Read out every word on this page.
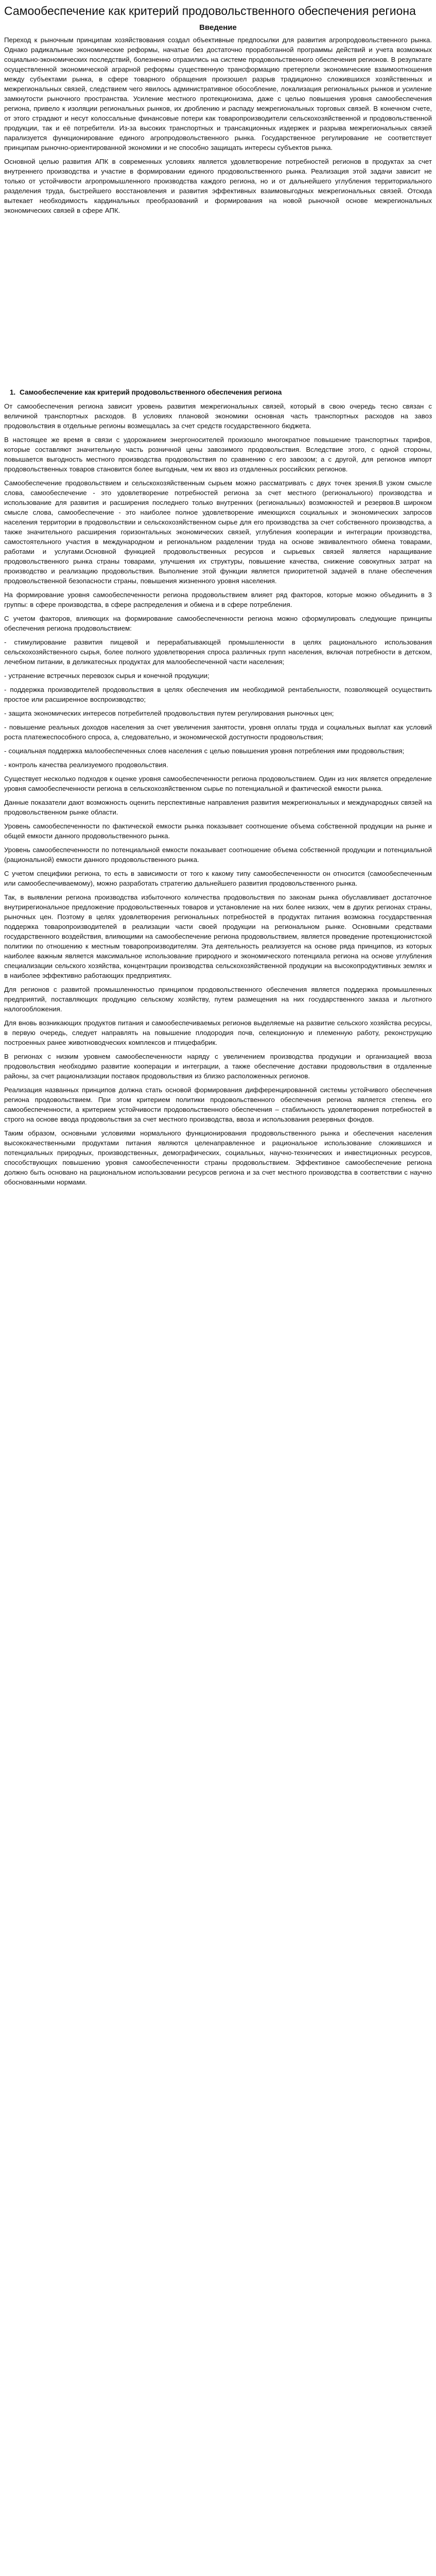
Самообеспечение как критерий продовольственного обеспечения региона
Введение

Переход к рыночным принципам хозяйствования создал объективные предпосылки для развития агропродовольственного рынка. Однако радикальные экономические реформы, начатые без достаточно проработанной программы действий и учета возможных социально-экономических последствий, болезненно отразились на системе продовольственного обеспечения регионов. В результате осуществленной экономической аграрной реформы существенную трансформацию претерпели экономические взаимоотношения между субъектами рынка, в сфере товарного обращения произошел разрыв традиционно сложившихся хозяйственных и межрегиональных связей, следствием чего явилось административное обособление, локализация региональных рынков и усиление замкнутости рыночного пространства. Усиление местного протекционизма, даже с целью повышения уровня самообеспечения региона, привело к изоляции региональных рынков, их дроблению и распаду межрегиональных торговых связей. В конечном счете, от этого страдают и несут колоссальные финансовые потери как товаропроизводители сельскохозяйственной и продовольственной продукции, так и её потребители. Из-за высоких транспортных и трансакционных издержек и разрыва межрегиональных связей парализуется функционирование единого агропродовольственного рынка. Государственное регулирование не соответствует принципам рыночно-ориентированной экономики и не способно защищать интересы субъектов рынка.

Основной целью развития АПК в современных условиях является удовлетворение потребностей регионов в продуктах за счет внутреннего производства и участие в формировании единого продовольственного рынка. Реализация этой задачи зависит не только от устойчивости агропромышленного производства каждого региона, но и от дальнейшего углубления территориального разделения труда, быстрейшего восстановления и развития эффективных взаимовыгодных межрегиональных связей. Отсюда вытекает необходимость кардинальных преобразований и формирования на новой рыночной основе межрегиональных экономических связей в сфере АПК.

1. Самообеспечение как критерий продовольственного обеспечения региона

От самообеспечения региона зависит уровень развития межрегиональных связей, который в свою очередь тесно связан с величиной транспортных расходов. В условиях плановой экономики основная часть транспортных расходов на завоз продовольствия в отдельные регионы возмещалась за счет средств государственного бюджета.

В настоящее же время в связи с удорожанием энергоносителей произошло многократное повышение транспортных тарифов, которые составляют значительную часть розничной цены завозимого продовольствия. Вследствие этого, с одной стороны, повышается выгодность местного производства продовольствия по сравнению с его завозом; а с другой, для регионов импорт продовольственных товаров становится более выгодным, чем их ввоз из отдаленных российских регионов.

Самообеспечение продовольствием и сельскохозяйственным сырьем можно рассматривать с двух точек зрения.В узком смысле слова, самообеспечение - это удовлетворение потребностей региона за счет местного (регионального) производства и использование для развития и расширения последнего только внутренних (региональных) возможностей и резервов.В широком смысле слова, самообеспечение - это наиболее полное удовлетворение имеющихся социальных и экономических запросов населения территории в продовольствии и сельскохозяйственном сырье для его производства за счет собственного производства, а также значительного расширения горизонтальных экономических связей, углубления кооперации и интеграции производства, самостоятельного участия в международном и региональном разделении труда на основе эквивалентного обмена товарами, работами и услугами.Основной функцией продовольственных ресурсов и сырьевых связей является наращивание продовольственного рынка страны товарами, улучшения их структуры, повышение качества, снижение совокупных затрат на производство и реализацию продовольствия. Выполнение этой функции является приоритетной задачей в плане обеспечения продовольственной безопасности страны, повышения жизненного уровня населения.

На формирование уровня самообеспеченности региона продовольствием влияет ряд факторов, которые можно объединить в 3 группы: в сфере производства, в сфере распределения и обмена и в сфере потребления.

С учетом факторов, влияющих на формирование самообеспеченности региона можно сформулировать следующие принципы обеспечения региона продовольствием:

- стимулирование развития пищевой и перерабатывающей промышленности в целях рационального использования сельскохозяйственного сырья, более полного удовлетворения спроса различных групп населения, включая потребности в детском, лечебном питании, в деликатесных продуктах для малообеспеченной части населения;

- устранение встречных перевозок сырья и конечной продукции;

- поддержка производителей продовольствия в целях обеспечения им необходимой рентабельности, позволяющей осуществить простое или расширенное воспроизводство;

- защита экономических интересов потребителей продовольствия путем регулирования рыночных цен;

- повышение реальных доходов населения за счет увеличения занятости, уровня оплаты труда и социальных выплат как условий роста платежеспособного спроса, а, следовательно, и экономической доступности продовольствия;

- социальная поддержка малообеспеченных слоев населения с целью повышения уровня потребления ими продовольствия;

- контроль качества реализуемого продовольствия.

Существует несколько подходов к оценке уровня самообеспеченности региона продовольствием. Один из них является определение уровня самообеспеченности региона в сельскохозяйственном сырье по потенциальной и фактической емкости рынка.

Данные показатели дают возможность оценить перспективные направления развития межрегиональных и международных связей на продовольственном рынке области.

Уровень самообеспеченности по фактической емкости рынка показывает соотношение объема собственной продукции на рынке и общей емкости данного продовольственного рынка.

Уровень самообеспеченности по потенциальной емкости показывает соотношение объема собственной продукции и потенциальной (рациональной) емкости данного продовольственного рынка.

С учетом специфики региона, то есть в зависимости от того к какому типу самообеспеченности он относится (самообеспеченным или самообеспечиваемому), можно разработать стратегию дальнейшего развития продовольственного рынка.

Так, в выявлении региона производства избыточного количества продовольствия по законам рынка обуславливает достаточное внутрирегиональное предложение продовольственных товаров и установление на них более низких, чем в других регионах страны, рыночных цен. Поэтому в целях удовлетворения региональных потребностей в продуктах питания возможна государственная поддержка товаропроизводителей в реализации части своей продукции на региональном рынке. Основными средствами государственного воздействия, влияющими на самообеспечение региона продовольствием, является проведение протекционистской политики по отношению к местным товаропроизводителям. Эта деятельность реализуется на основе ряда принципов, из которых наиболее важным является максимальное использование природного и экономического потенциала региона на основе углубления специализации сельского хозяйства, концентрации производства сельскохозяйственной продукции на высокопродуктивных землях и в наиболее эффективно работающих предприятиях.

Для регионов с развитой промышленностью принципом продовольственного обеспечения является поддержка промышленных предприятий, поставляющих продукцию сельскому хозяйству, путем размещения на них государственного заказа и льготного налогообложения.

Для вновь возникающих продуктов питания и самообеспечиваемых регионов выделяемые на развитие сельского хозяйства ресурсы, в первую очередь, следует направлять на повышение плодородия почв, селекционную и племенную работу, реконструкцию построенных ранее животноводческих комплексов и птицефабрик.

В регионах с низким уровнем самообеспеченности наряду с увеличением производства продукции и организацией ввоза продовольствия необходимо развитие кооперации и интеграции, а также обеспечение доставки продовольствия в отдаленные районы, за счет рационализации поставок продовольствия из близко расположенных регионов.

Реализация названных принципов должна стать основой формирования дифференцированной системы устойчивого обеспечения региона продовольствием. При этом критерием политики продовольственного обеспечения региона является степень его самообеспеченности, а критерием устойчивости продовольственного обеспечения – стабильность удовлетворения потребностей в строго на основе ввода продовольствия за счет местного производства, ввоза и использования резервных фондов.

Таким образом, основными условиями нормального функционирования продовольственного рынка и обеспечения населения высококачественными продуктами питания являются целенаправленное и рациональное использование сложившихся и потенциальных природных, производственных, демографических, социальных, научно-технических и инвестиционных ресурсов, способствующих повышению уровня самообеспеченности страны продовольствием. Эффективное самообеспечение региона должно быть основано на рациональном использовании ресурсов региона и за счет местного производства в соответствии с научно обоснованными нормами.
